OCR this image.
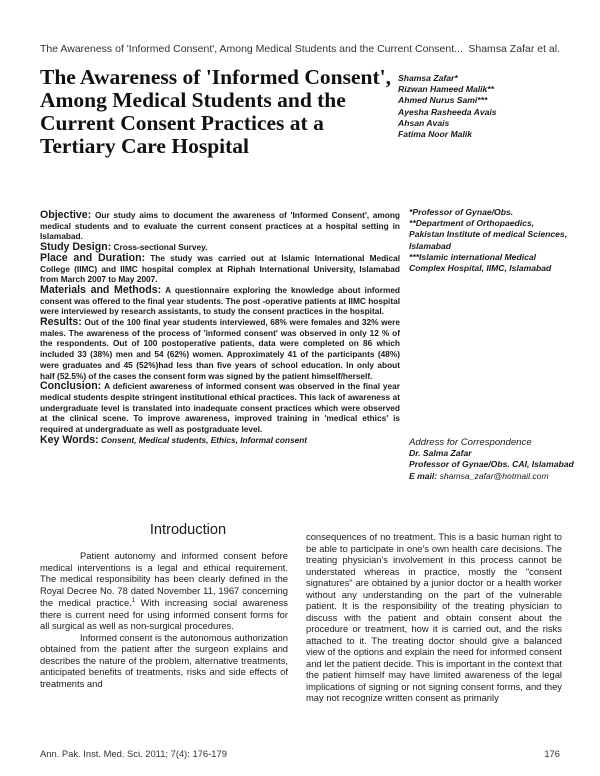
The Awareness of 'Informed Consent', Among Medical Students and the Current Consent... Shamsa Zafar et al.
The Awareness of 'Informed Consent', Among Medical Students and the Current Consent Practices at a Tertiary Care Hospital
Shamsa Zafar*
Rizwan Hameed Malik**
Ahmed Nurus Sami***
Ayesha Rasheeda Avais
Ahsan Avais
Fatima Noor Malik
*Professor of Gynae/Obs.
**Department of Orthopaedics, Pakistan Institute of medical Sciences, Islamabad
***Islamic international Medical Complex Hospital, IIMC, Islamabad

Objective: Our study aims to document the awareness of 'Informed Consent', among medical students and to evaluate the current consent practices at a hospital setting in Islamabad.

Study Design: Cross-sectional Survey.

Place and Duration: The study was carried out at Islamic International Medical College (IIMC) and IIMC hospital complex at Riphah International University, Islamabad from March 2007 to May 2007.

Materials and Methods: A questionnaire exploring the knowledge about informed consent was offered to the final year students. The post -operative patients at IIMC hospital were interviewed by research assistants, to study the consent practices in the hospital.

Results: Out of the 100 final year students interviewed, 68% were females and 32% were males. The awareness of the process of 'informed consent' was observed in only 12 % of the respondents. Out of 100 postoperative patients, data were completed on 86 which included 33 (38%) men and 54 (62%) women. Approximately 41 of the participants (48%) were graduates and 45 (52%)had less than five years of school education. In only about half (52.5%) of the cases the consent form was signed by the patient himself/herself.

Conclusion: A deficient awareness of informed consent was observed in the final year medical students despite stringent institutional ethical practices. This lack of awareness at undergraduate level is translated into inadequate consent practices which were observed at the clinical scene. To improve awareness, improved training in 'medical ethics' is required at undergraduate as well as postgraduate level.

Key Words: Consent, Medical students, Ethics, Informal consent	Address for Correspondence
Dr. Salma Zafar
Professor of Gynae/Obs. CAI, Islamabad
E mail: shamsa_zafar@hotmail.com
Introduction

Patient autonomy and informed consent before medical interventions is a legal and ethical requirement. The medical responsibility has been clearly defined in the Royal Decree No. 78 dated November 11, 1967 concerning the medical practice.$^1$ With increasing social awareness there is current need for using informed consent forms for all surgical as well as non-surgical procedures.

Informed consent is the autonomous authorization obtained from the patient after the surgeon explains and describes the nature of the problem, alternative treatments, anticipated benefits of treatments, risks and side effects of treatments and

consequences of no treatment. This is a basic human right to be able to participate in one's own health care decisions. The treating physician's involvement in this process cannot be understated whereas in practice, mostly the "consent signatures" are obtained by a junior doctor or a health worker without any understanding on the part of the vulnerable patient. It is the responsibility of the treating physician to discuss with the patient and obtain consent about the procedure or treatment, how it is carried out, and the risks attached to it. The treating doctor should give a balanced view of the options and explain the need for informed consent and let the patient decide. This is important in the context that the patient himself may have limited awareness of the legal implications of signing or not signing consent forms, and they may not recognize written consent as primarily

Ann. Pak. Inst. Med. Sci. 2011; 7(4): 176-179	176
